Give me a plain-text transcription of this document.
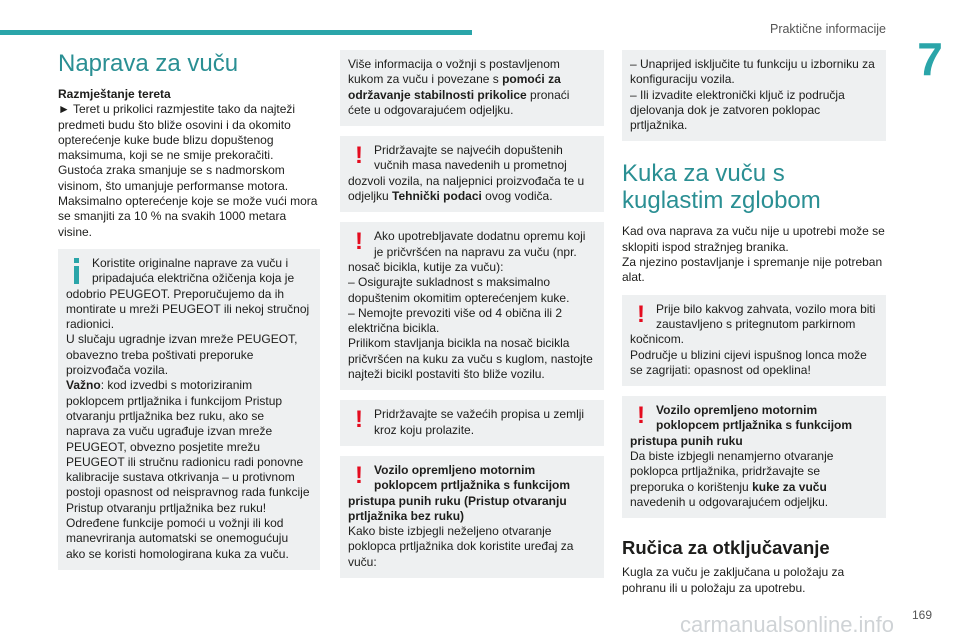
Praktične informacije
7
Naprava za vuču

Razmještanje tereta

► Teret u prikolici razmjestite tako da najteži predmeti budu što bliže osovini i da okomito opterećenje kuke bude blizu dopuštenog maksimuma, koji se ne smije prekoračiti.

Gustoća zraka smanjuje se s nadmorskom visinom, što umanjuje performanse motora. Maksimalno opterećenje koje se može vući mora se smanjiti za 10 % na svakih 1000 metara visine.

Koristite originalne naprave za vuču i pripadajuća električna ožičenja koja je odobrio PEUGEOT. Preporučujemo da ih montirate u mreži PEUGEOT ili nekoj stručnoj radionici.

U slučaju ugradnje izvan mreže PEUGEOT, obavezno treba poštivati preporuke proizvođača vozila.

Važno: kod izvedbi s motoriziranim poklopcem prtljažnika i funkcijom Pristup otvaranju prtljažnika bez ruku, ako se naprava za vuču ugrađuje izvan mreže PEUGEOT, obvezno posjetite mrežu PEUGEOT ili stručnu radionicu radi ponovne kalibracije sustava otkrivanja – u protivnom postoji opasnost od neispravnog rada funkcije Pristup otvaranju prtljažnika bez ruku! Određene funkcije pomoći u vožnji ili kod manevriranja automatski se onemogućuju ako se koristi homologirana kuka za vuču.

Više informacija o vožnji s postavljenom kukom za vuču i povezane s pomoći za održavanje stabilnosti prikolice pronaći ćete u odgovarajućem odjeljku.

! Pridržavajte se najvećih dopuštenih vučnih masa navedenih u prometnoj dozvoli vozila, na naljepnici proizvođača te u odjeljku Tehnički podaci ovog vodiča.

! Ako upotrebljavate dodatnu opremu koji je pričvršćen na napravu za vuču (npr. nosač bicikla, kutije za vuču):

– Osigurajte sukladnost s maksimalno dopuštenim okomitim opterećenjem kuke.

– Nemojte prevoziti više od 4 obična ili 2 električna bicikla.

Prilikom stavljanja bicikla na nosač bicikla pričvršćen na kuku za vuču s kuglom, nastojte najteži bicikl postaviti što bliže vozilu.

! Pridržavajte se važećih propisa u zemlji kroz koju prolazite.

! Vozilo opremljeno motornim poklopcem prtljažnika s funkcijom pristupa punih ruku (Pristup otvaranju prtljažnika bez ruku)

Kako biste izbjegli neželjeno otvaranje poklopca prtljažnika dok koristite uređaj za vuču:

– Unaprijed isključite tu funkciju u izborniku za konfiguraciju vozila.

– Ili izvadite elektronički ključ iz područja djelovanja dok je zatvoren poklopac prtljažnika.

Kuka za vuču s kuglastim zglobom

Kad ova naprava za vuču nije u upotrebi može se sklopiti ispod stražnjeg branika.

Za njezino postavljanje i spremanje nije potreban alat.

! Prije bilo kakvog zahvata, vozilo mora biti zaustavljeno s pritegnutom parkirnom kočnicom.

Područje u blizini cijevi ispušnog lonca može se zagrijati: opasnost od opeklina!

! Vozilo opremljeno motornim poklopcem prtljažnika s funkcijom pristupa punih ruku

Da biste izbjegli nenamjerno otvaranje poklopca prtljažnika, pridržavajte se preporuka o korištenju kuke za vuču navedenih u odgovarajućem odjeljku.

Ručica za otključavanje

Kugla za vuču je zaključana u položaju za pohranu ili u položaju za upotrebu.

carmanualsonline.info 169
